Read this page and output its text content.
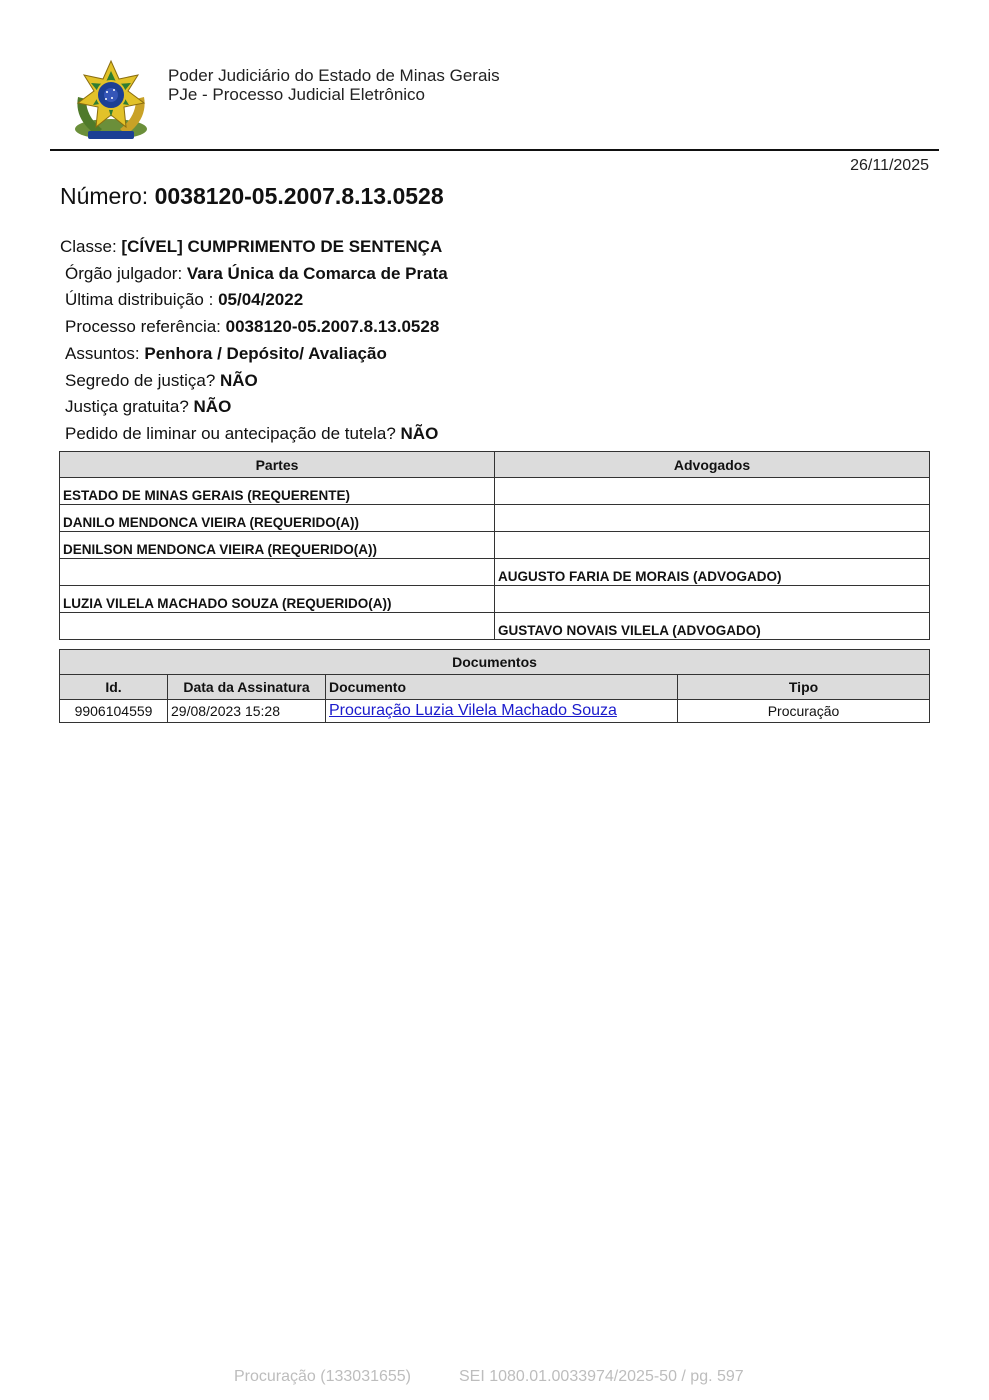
Poder Judiciário do Estado de Minas Gerais
PJe - Processo Judicial Eletrônico
26/11/2025
Número: 0038120-05.2007.8.13.0528
Classe: [CÍVEL] CUMPRIMENTO DE SENTENÇA
Órgão julgador: Vara Única da Comarca de Prata
Última distribuição : 05/04/2022
Processo referência: 0038120-05.2007.8.13.0528
Assuntos: Penhora / Depósito/ Avaliação
Segredo de justiça? NÃO
Justiça gratuita? NÃO
Pedido de liminar ou antecipação de tutela? NÃO
Partes	Advogados
ESTADO DE MINAS GERAIS (REQUERENTE)	
DANILO MENDONCA VIEIRA (REQUERIDO(A))	
DENILSON MENDONCA VIEIRA (REQUERIDO(A))	
	AUGUSTO FARIA DE MORAIS (ADVOGADO)
LUZIA VILELA MACHADO SOUZA (REQUERIDO(A))	
	GUSTAVO NOVAIS VILELA (ADVOGADO)
Documentos			
Id.	Data da Assinatura	Documento	Tipo
9906104559	29/08/2023 15:28	Procuração Luzia Vilela Machado Souza	Procuração
Procuração (133031655)	SEI 1080.01.0033974/2025-50 / pg. 597
